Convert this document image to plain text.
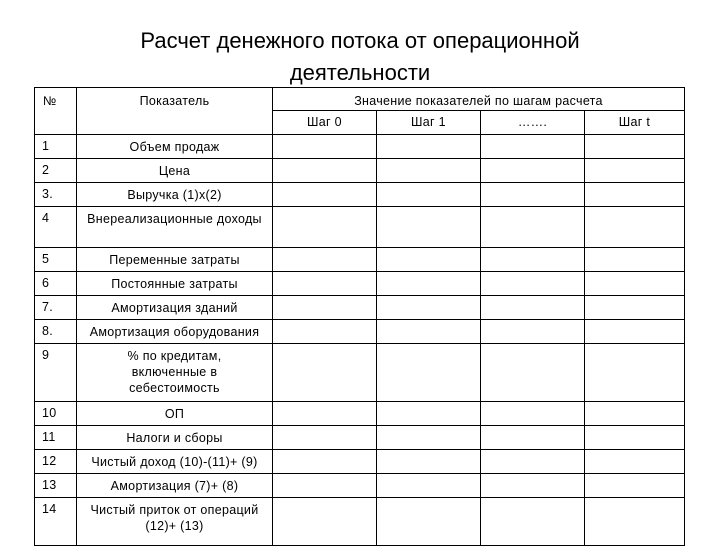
Расчет денежного потока от операционной
деятельности
№	Показатель	Значение показателей по шагам расчета			
		Шаг 0	Шаг 1	…….	Шаг t
1	Объем продаж				
2	Цена				
3.	Выручка (1)х(2)				
4	Внереализационные доходы				
5	Переменные затраты				
6	Постоянные затраты				
7.	Амортизация зданий				
8.	Амортизация оборудования				
9	% по кредитам, включенные в себестоимость				
10	ОП				
11	Налоги и сборы				
12	Чистый доход (10)-(11)+ (9)				
13	Амортизация (7)+ (8)				
14	Чистый приток от операций (12)+ (13)				
